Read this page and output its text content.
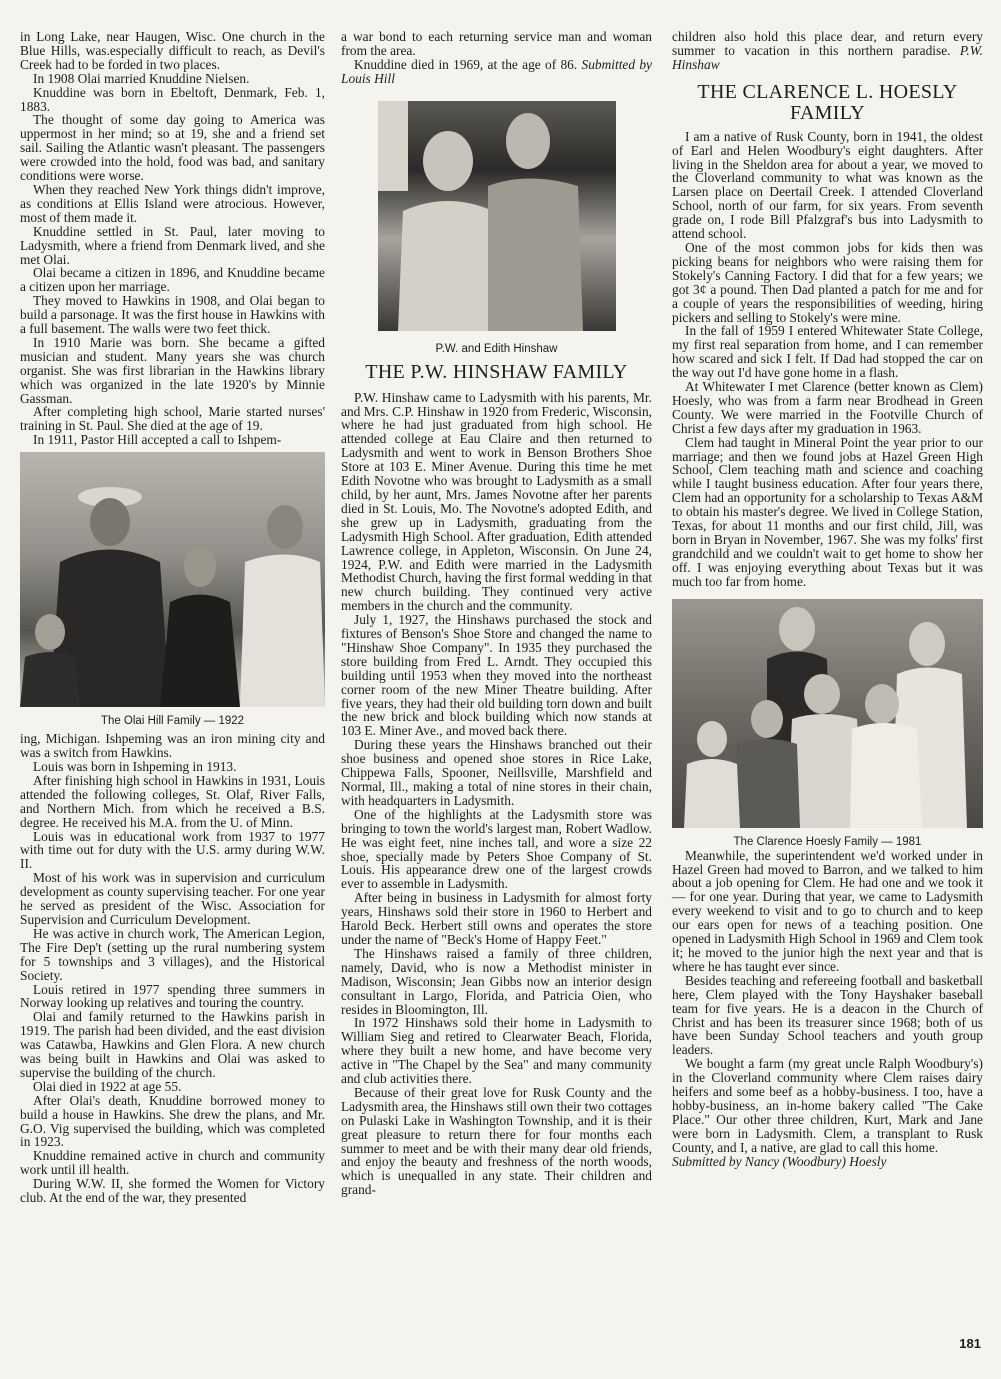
in Long Lake, near Haugen, Wisc. One church in the Blue Hills, was.especially difficult to reach, as Devil's Creek had to be forded in two places.

In 1908 Olai married Knuddine Nielsen.

Knuddine was born in Ebeltoft, Denmark, Feb. 1, 1883.

The thought of some day going to America was uppermost in her mind; so at 19, she and a friend set sail. Sailing the Atlantic wasn't pleasant. The passengers were crowded into the hold, food was bad, and sanitary conditions were worse.

When they reached New York things didn't improve, as conditions at Ellis Island were atrocious. However, most of them made it.

Knuddine settled in St. Paul, later moving to Ladysmith, where a friend from Denmark lived, and she met Olai.

Olai became a citizen in 1896, and Knuddine became a citizen upon her marriage.

They moved to Hawkins in 1908, and Olai began to build a parsonage. It was the first house in Hawkins with a full basement. The walls were two feet thick.

In 1910 Marie was born. She became a gifted musician and student. Many years she was church organist. She was first librarian in the Hawkins library which was organized in the late 1920's by Minnie Gassman.

After completing high school, Marie started nurses' training in St. Paul. She died at the age of 19.

In 1911, Pastor Hill accepted a call to Ishpem-

The Olai Hill Family — 1922

ing, Michigan. Ishpeming was an iron mining city and was a switch from Hawkins.

Louis was born in Ishpeming in 1913.

After finishing high school in Hawkins in 1931, Louis attended the following colleges, St. Olaf, River Falls, and Northern Mich. from which he received a B.S. degree. He received his M.A. from the U. of Minn.

Louis was in educational work from 1937 to 1977 with time out for duty with the U.S. army during W.W. II.

Most of his work was in supervision and curriculum development as county supervising teacher. For one year he served as president of the Wisc. Association for Supervision and Curriculum Development.

He was active in church work, The American Legion, The Fire Dep't (setting up the rural numbering system for 5 townships and 3 villages), and the Historical Society.

Louis retired in 1977 spending three summers in Norway looking up relatives and touring the country.

Olai and family returned to the Hawkins parish in 1919. The parish had been divided, and the east division was Catawba, Hawkins and Glen Flora. A new church was being built in Hawkins and Olai was asked to supervise the building of the church.

Olai died in 1922 at age 55.

After Olai's death, Knuddine borrowed money to build a house in Hawkins. She drew the plans, and Mr. G.O. Vig supervised the building, which was completed in 1923.

Knuddine remained active in church and community work until ill health.

During W.W. II, she formed the Women for Victory club. At the end of the war, they presented

a war bond to each returning service man and woman from the area.

Knuddine died in 1969, at the age of 86. Submitted by Louis Hill

P.W. and Edith Hinshaw
THE P.W. HINSHAW FAMILY

P.W. Hinshaw came to Ladysmith with his parents, Mr. and Mrs. C.P. Hinshaw in 1920 from Frederic, Wisconsin, where he had just graduated from high school. He attended college at Eau Claire and then returned to Ladysmith and went to work in Benson Brothers Shoe Store at 103 E. Miner Avenue. During this time he met Edith Novotne who was brought to Ladysmith as a small child, by her aunt, Mrs. James Novotne after her parents died in St. Louis, Mo. The Novotne's adopted Edith, and she grew up in Ladysmith, graduating from the Ladysmith High School. After graduation, Edith attended Lawrence college, in Appleton, Wisconsin. On June 24, 1924, P.W. and Edith were married in the Ladysmith Methodist Church, having the first formal wedding in that new church building. They continued very active members in the church and the community.

July 1, 1927, the Hinshaws purchased the stock and fixtures of Benson's Shoe Store and changed the name to "Hinshaw Shoe Company". In 1935 they purchased the store building from Fred L. Arndt. They occupied this building until 1953 when they moved into the northeast corner room of the new Miner Theatre building. After five years, they had their old building torn down and built the new brick and block building which now stands at 103 E. Miner Ave., and moved back there.

During these years the Hinshaws branched out their shoe business and opened shoe stores in Rice Lake, Chippewa Falls, Spooner, Neillsville, Marshfield and Normal, Ill., making a total of nine stores in their chain, with headquarters in Ladysmith.

One of the highlights at the Ladysmith store was bringing to town the world's largest man, Robert Wadlow. He was eight feet, nine inches tall, and wore a size 22 shoe, specially made by Peters Shoe Company of St. Louis. His appearance drew one of the largest crowds ever to assemble in Ladysmith.

After being in business in Ladysmith for almost forty years, Hinshaws sold their store in 1960 to Herbert and Harold Beck. Herbert still owns and operates the store under the name of "Beck's Home of Happy Feet."

The Hinshaws raised a family of three children, namely, David, who is now a Methodist minister in Madison, Wisconsin; Jean Gibbs now an interior design consultant in Largo, Florida, and Patricia Oien, who resides in Bloomington, Ill.

In 1972 Hinshaws sold their home in Ladysmith to William Sieg and retired to Clearwater Beach, Florida, where they built a new home, and have become very active in "The Chapel by the Sea" and many community and club activities there.

Because of their great love for Rusk County and the Ladysmith area, the Hinshaws still own their two cottages on Pulaski Lake in Washington Township, and it is their great pleasure to return there for four months each summer to meet and be with their many dear old friends, and enjoy the beauty and freshness of the north woods, which is unequalled in any state. Their children and grand-

children also hold this place dear, and return every summer to vacation in this northern paradise. P.W. Hinshaw

THE CLARENCE L. HOESLY FAMILY

I am a native of Rusk County, born in 1941, the oldest of Earl and Helen Woodbury's eight daughters. After living in the Sheldon area for about a year, we moved to the Cloverland community to what was known as the Larsen place on Deertail Creek. I attended Cloverland School, north of our farm, for six years. From seventh grade on, I rode Bill Pfalzgraf's bus into Ladysmith to attend school.

One of the most common jobs for kids then was picking beans for neighbors who were raising them for Stokely's Canning Factory. I did that for a few years; we got 3¢ a pound. Then Dad planted a patch for me and for a couple of years the responsibilities of weeding, hiring pickers and selling to Stokely's were mine.

In the fall of 1959 I entered Whitewater State College, my first real separation from home, and I can remember how scared and sick I felt. If Dad had stopped the car on the way out I'd have gone home in a flash.

At Whitewater I met Clarence (better known as Clem) Hoesly, who was from a farm near Brodhead in Green County. We were married in the Footville Church of Christ a few days after my graduation in 1963.

Clem had taught in Mineral Point the year prior to our marriage; and then we found jobs at Hazel Green High School, Clem teaching math and science and coaching while I taught business education. After four years there, Clem had an opportunity for a scholarship to Texas A&M to obtain his master's degree. We lived in College Station, Texas, for about 11 months and our first child, Jill, was born in Bryan in November, 1967. She was my folks' first grandchild and we couldn't wait to get home to show her off. I was enjoying everything about Texas but it was much too far from home.

The Clarence Hoesly Family — 1981

Meanwhile, the superintendent we'd worked under in Hazel Green had moved to Barron, and we talked to him about a job opening for Clem. He had one and we took it — for one year. During that year, we came to Ladysmith every weekend to visit and to go to church and to keep our ears open for news of a teaching position. One opened in Ladysmith High School in 1969 and Clem took it; he moved to the junior high the next year and that is where he has taught ever since.

Besides teaching and refereeing football and basketball here, Clem played with the Tony Hayshaker baseball team for five years. He is a deacon in the Church of Christ and has been its treasurer since 1968; both of us have been Sunday School teachers and youth group leaders.

We bought a farm (my great uncle Ralph Woodbury's) in the Cloverland community where Clem raises dairy heifers and some beef as a hobby-business. I too, have a hobby-business, an in-home bakery called "The Cake Place." Our other three children, Kurt, Mark and Jane were born in Ladysmith. Clem, a transplant to Rusk County, and I, a native, are glad to call this home.

Submitted by Nancy (Woodbury) Hoesly

181
